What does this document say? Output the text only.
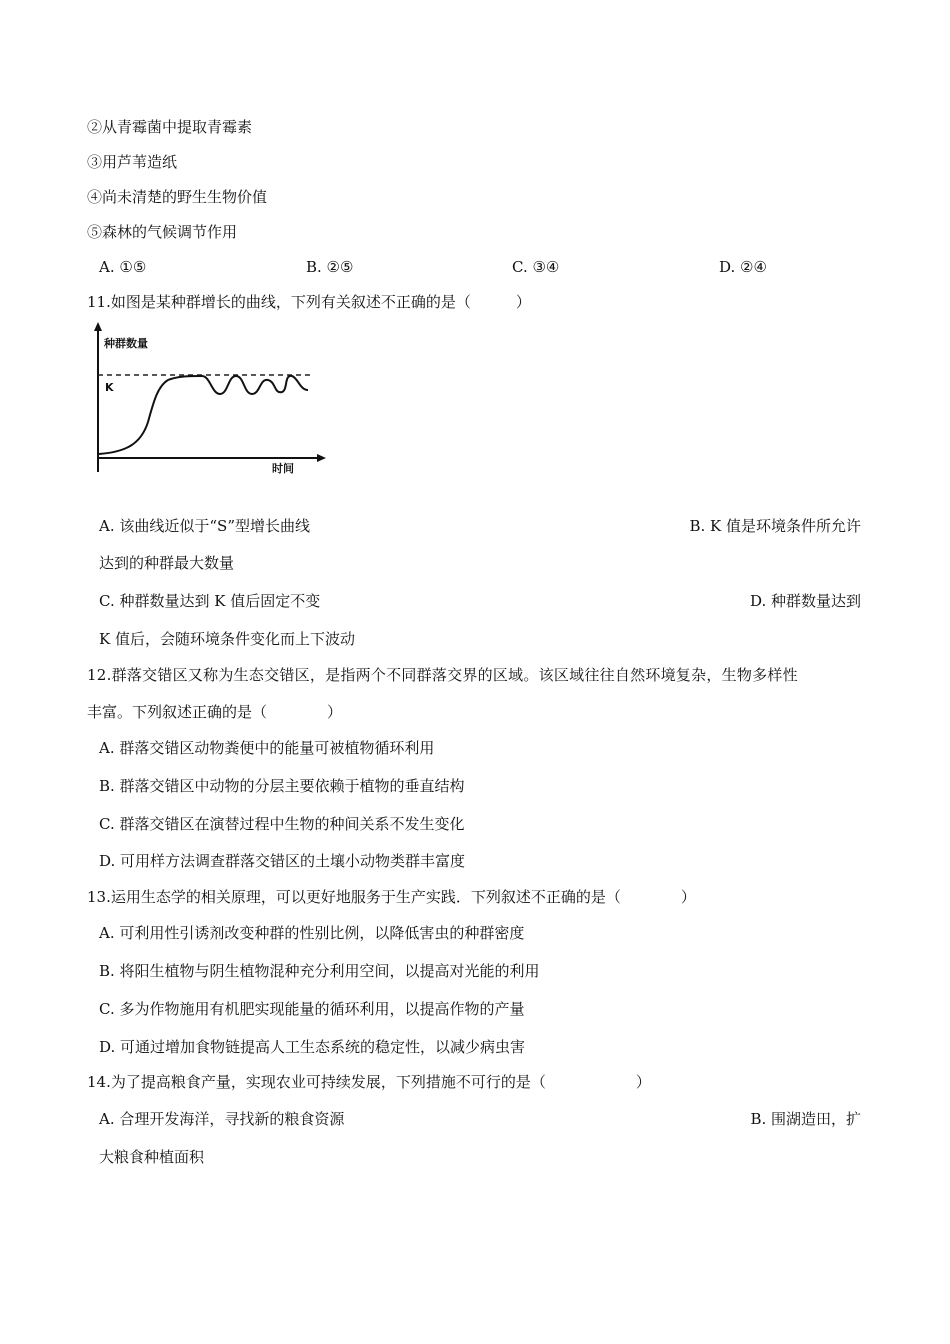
②从青霉菌中提取青霉素
③用芦苇造纸
④尚未清楚的野生生物价值
⑤森林的气候调节作用
A. ①⑤	B. ②⑤	C. ③④	D. ②④
11.如图是某种群增长的曲线，下列有关叙述不正确的是（　　　）
种群数量
K
时间
A. 该曲线近似于“S”型增长曲线	B. K 值是环境条件所允许
达到的种群最大数量
C. 种群数量达到 K 值后固定不变	D. 种群数量达到
K 值后，会随环境条件变化而上下波动
12.群落交错区又称为生态交错区，是指两个不同群落交界的区域。该区域往往自然环境复杂，生物多样性
丰富。下列叙述正确的是（　　　　）
A. 群落交错区动物粪便中的能量可被植物循环利用
B. 群落交错区中动物的分层主要依赖于植物的垂直结构
C. 群落交错区在演替过程中生物的种间关系不发生变化
D. 可用样方法调查群落交错区的土壤小动物类群丰富度
13.运用生态学的相关原理，可以更好地服务于生产实践．下列叙述不正确的是（　　　　）
A. 可利用性引诱剂改变种群的性别比例，以降低害虫的种群密度
B. 将阳生植物与阴生植物混种充分利用空间，以提高对光能的利用
C. 多为作物施用有机肥实现能量的循环利用，以提高作物的产量
D. 可通过增加食物链提高人工生态系统的稳定性，以减少病虫害
14.为了提高粮食产量，实现农业可持续发展，下列措施不可行的是（　　　　　　）
A. 合理开发海洋，寻找新的粮食资源	B. 围湖造田，扩
大粮食种植面积
